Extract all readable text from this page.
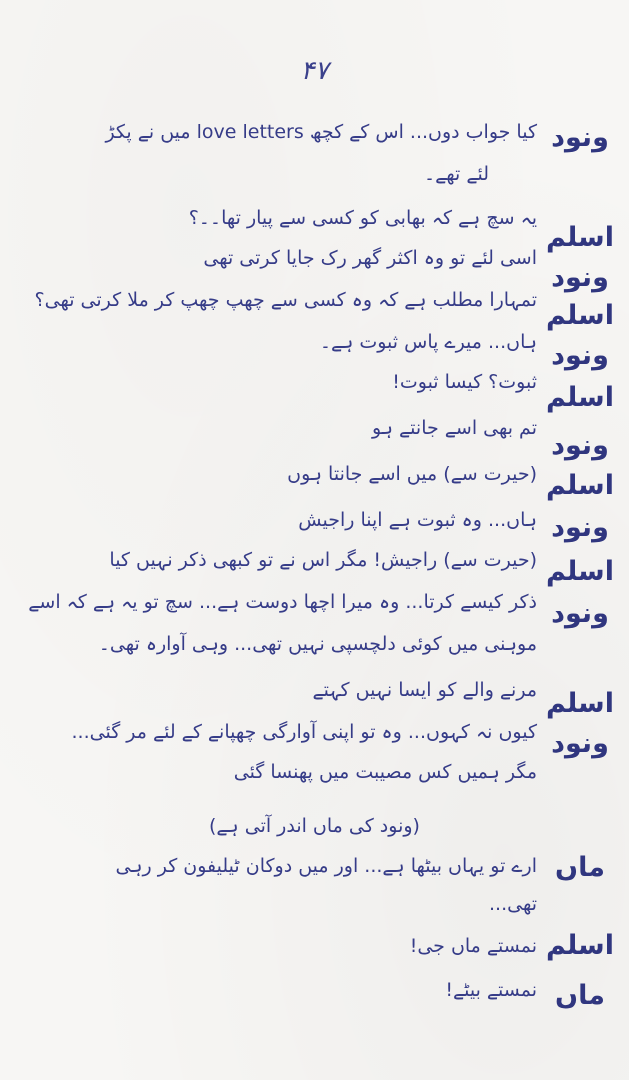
۴۷
ونود
اسلم
ونود
اسلم
ونود
اسلم
ونود
اسلم
ونود
اسلم
ونود
اسلم
ونود
ماں
اسلم
ماں
کیا جواب دوں... اس کے کچھ love letters میں نے پکڑ
لئے تھے۔
یہ سچ ہے کہ بھابی کو کسی سے پیار تھا۔۔؟
اسی لئے تو وہ اکثر گھر رک جایا کرتی تھی
تمہارا مطلب ہے کہ وہ کسی سے چھپ چھپ کر ملا کرتی تھی؟
ہاں... میرے پاس ثبوت ہے۔
ثبوت؟ کیسا ثبوت!
تم بھی اسے جانتے ہو
(حیرت سے) میں اسے جانتا ہوں
ہاں... وہ ثبوت ہے اپنا راجیش
(حیرت سے) راجیش! مگر اس نے تو کبھی ذکر نہیں کیا
ذکر کیسے کرتا... وہ میرا اچھا دوست ہے... سچ تو یہ ہے کہ اسے
موہنی میں کوئی دلچسپی نہیں تھی... وہی آوارہ تھی۔
مرنے والے کو ایسا نہیں کہتے
کیوں نہ کہوں... وہ تو اپنی آوارگی چھپانے کے لئے مر گئی...
مگر ہمیں کس مصیبت میں پھنسا گئی
(ونود کی ماں اندر آتی ہے)
ارے تو یہاں بیٹھا ہے... اور میں دوکان ٹیلیفون کر رہی
تھی...
نمستے ماں جی!
نمستے بیٹے!
